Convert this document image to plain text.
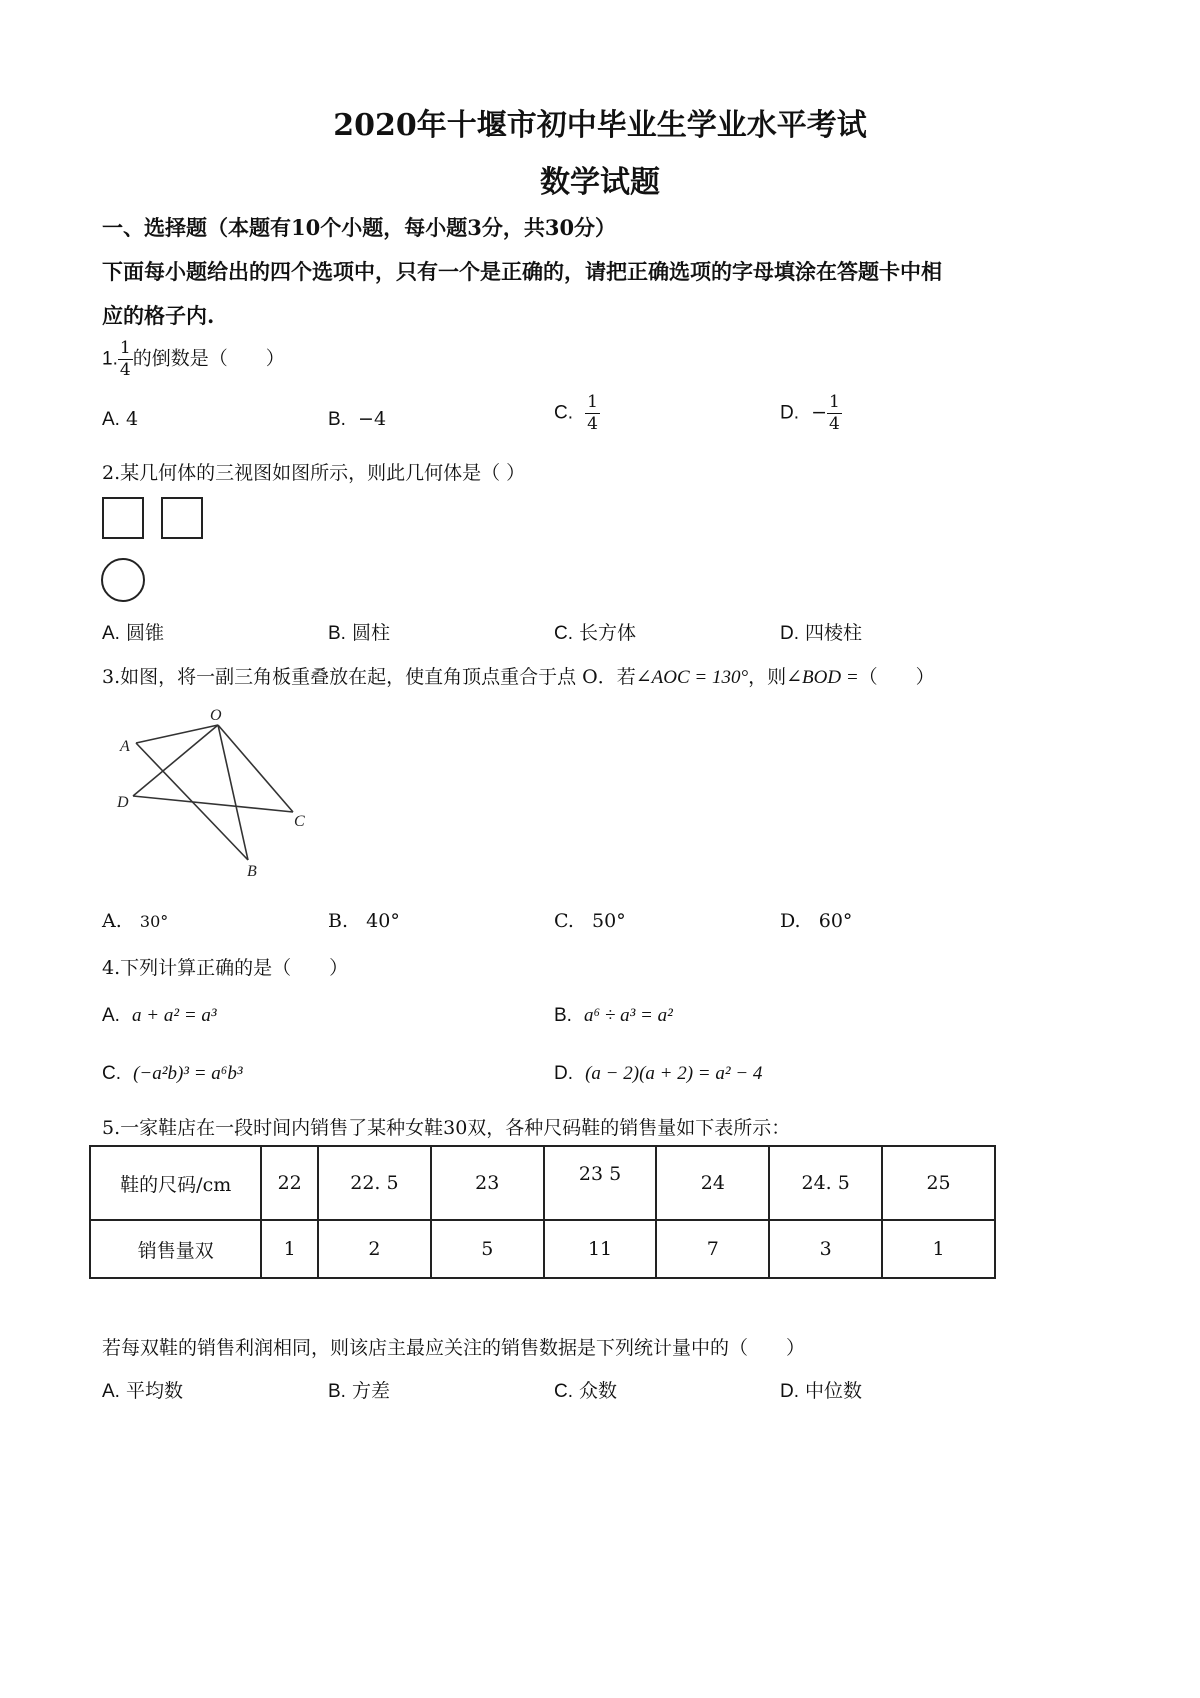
2020年十堰市初中毕业生学业水平考试
数学试题
一、选择题（本题有10个小题，每小题3分，共30分）
下面每小题给出的四个选项中，只有一个是正确的，请把正确选项的字母填涂在答题卡中相
应的格子内.
1. $\frac{1}{4}$ 的倒数是（　　）
A. 4	B. −4	C. $\frac{1}{4}$	D. − $\frac{1}{4}$
2.某几何体的三视图如图所示，则此几何体是（ ）
A. 圆锥	B. 圆柱	C. 长方体	D. 四棱柱
3.如图，将一副三角板重叠放在起，使直角顶点重合于点 O．若∠AOC = 130°，则∠BOD =（　　）
O
A
D
C
B
A. 30°	B. 40°	C. 50°	D. 60°
4.下列计算正确的是（　　）
A. a + a² = a³	B. a⁶ ÷ a³ = a²
C. (−a²b)³ = a⁶b³	D. (a − 2)(a + 2) = a² − 4
5.一家鞋店在一段时间内销售了某种女鞋30双，各种尺码鞋的销售量如下表所示：
鞋的尺码/cm	22	22. 5	23	23 5	24	24. 5	25
销售量双	1	2	5	11	7	3	1
若每双鞋的销售利润相同，则该店主最应关注的销售数据是下列统计量中的（　　）
A. 平均数	B. 方差	C. 众数	D. 中位数
